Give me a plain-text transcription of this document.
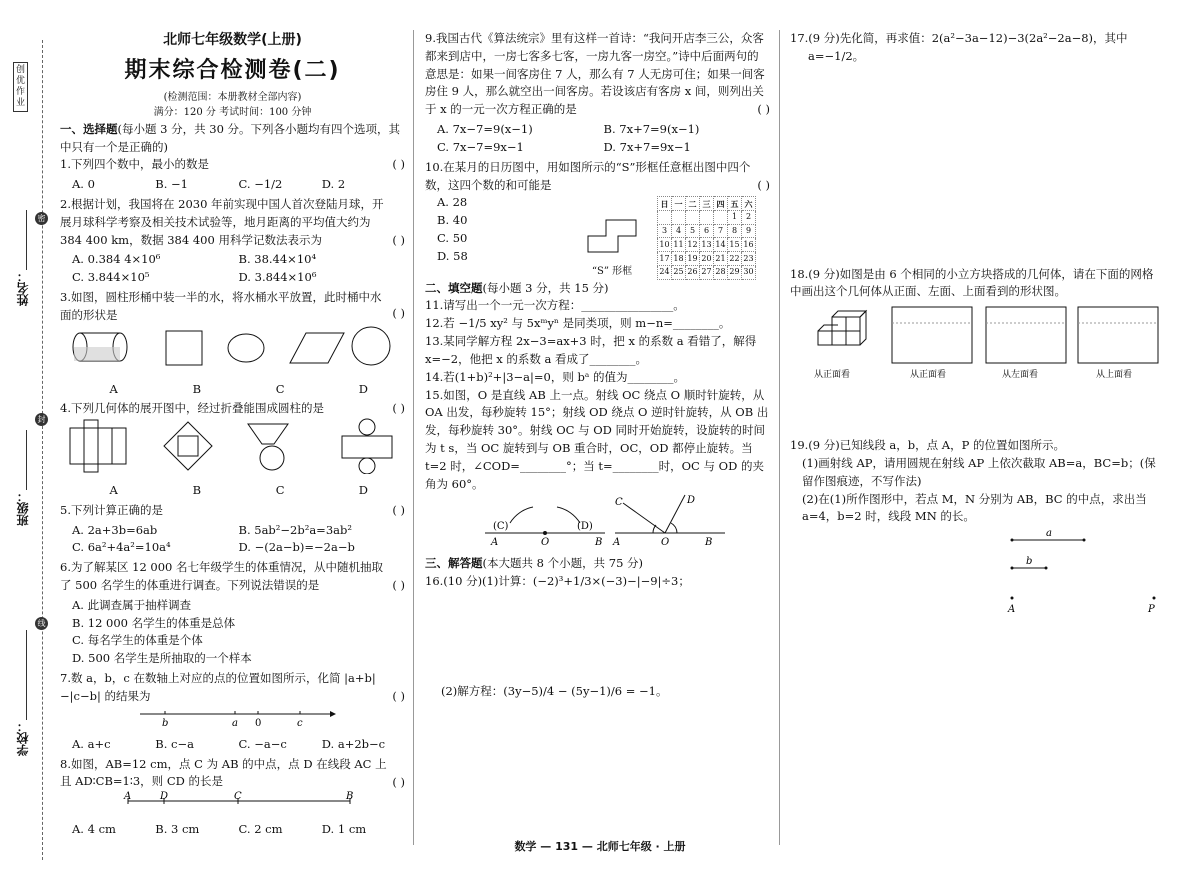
创优作业
姓名：
班级：
学校：
密
封
线
北师七年级数学(上册)
期末综合检测卷(二)
(检测范围：本册教材全部内容)
满分：120 分 考试时间：100 分钟
一、选择题(每小题 3 分，共 30 分。下列各小题均有四个选项，其中只有一个是正确的)
( )
1.下列四个数中，最小的数是
A. 0	B. −1	C. −1/2	D. 2
( )
2.根据计划，我国将在 2030 年前实现中国人首次登陆月球，开展月球科学考察及相关技术试验等，地月距离的平均值大约为 384 400 km，数据 384 400 用科学记数法表示为
A. 0.384 4×10⁶	B. 38.44×10⁴
C. 3.844×10⁵	D. 3.844×10⁶
( )
3.如图，圆柱形桶中装一半的水，将水桶水平放置，此时桶中水面的形状是
A	B	C	D
( )
4.下列几何体的展开图中，经过折叠能围成圆柱的是
A	B	C	D
( )
5.下列计算正确的是
A. 2a+3b=6ab	B. 5ab²−2b²a=3ab²
C. 6a²+4a²=10a⁴	D. −(2a−b)=−2a−b
( )
6.为了解某区 12 000 名七年级学生的体重情况，从中随机抽取了 500 名学生的体重进行调查。下列说法错误的是
A. 此调查属于抽样调查
B. 12 000 名学生的体重是总体
C. 每名学生的体重是个体
D. 500 名学生是所抽取的一个样本
( )
7.数 a，b，c 在数轴上对应的点的位置如图所示，化简 |a+b|−|c−b| 的结果为
b	a 0	c
A. a+c	B. c−a	C. −a−c	D. a+2b−c
( )
8.如图，AB=12 cm，点 C 为 AB 的中点，点 D 在线段 AC 上且 AD∶CB=1∶3，则 CD 的长是
A	D	C	B
A. 4 cm	B. 3 cm	C. 2 cm	D. 1 cm
9.我国古代《算法统宗》里有这样一首诗：“我问开店李三公，众客都来到店中，一房七客多七客，一房九客一房空。”诗中后面两句的意思是：如果一间客房住 7 人，那么有 7 人无房可住；如果一间客房住 9 人，那么就空出一间客房。若设该店有客房 x 间，则列出关于 x 的一元一次方程正确的是	( )
A. 7x−7=9(x−1)	B. 7x+7=9(x−1)
C. 7x−7=9x−1	D. 7x+7=9x−1
( )
10.在某月的日历图中，用如图所示的“S”形框任意框出图中四个数，这四个数的和可能是
A. 28
B. 40
C. 50
D. 58
“S” 形框
日	一	二	三	四	五	六
					1	2
3	4	5	6	7	8	9
10	11	12	13	14	15	16
17	18	19	20	21	22	23
24	25	26	27	28	29	30
二、填空题(每小题 3 分，共 15 分)
11.请写出一个一元一次方程：________________。
12.若 −1/5 xy² 与 5xᵐyⁿ 是同类项，则 m−n=________。
13.某同学解方程 2x−3=ax+3 时，把 x 的系数 a 看错了，解得 x=−2，他把 x 的系数 a 看成了________。
14.若(1+b)²+|3−a|=0，则 bᵃ 的值为________。
15.如图，O 是直线 AB 上一点。射线 OC 绕点 O 顺时针旋转，从 OA 出发，每秒旋转 15°；射线 OD 绕点 O 逆时针旋转，从 OB 出发，每秒旋转 30°。射线 OC 与 OD 同时开始旋转，设旋转的时间为 t s，当 OC 旋转到与 OB 重合时，OC，OD 都停止旋转。当 t=2 时，∠COD=________°；当 t=________时，OC 与 OD 的夹角为 60°。
(C)	(D)
A	O	B
C	D
A	O	B
三、解答题(本大题共 8 个小题，共 75 分)
16.(10 分)(1)计算：(−2)³+1/3×(−3)−|−9|÷3；
(2)解方程：(3y−5)/4 − (5y−1)/6 = −1。
17.(9 分)先化简，再求值：2(a²−3a−12)−3(2a²−2a−8)，其中
a=−1/2。
18.(9 分)如图是由 6 个相同的小立方块搭成的几何体，请在下面的网格中画出这个几何体从正面、左面、上面看到的形状图。
从正面看	从正面看	从左面看	从上面看
19.(9 分)已知线段 a，b，点 A，P 的位置如图所示。
(1)画射线 AP，请用圆规在射线 AP 上依次截取 AB=a，BC=b；(保留作图痕迹，不写作法)
(2)在(1)所作图形中，若点 M，N 分别为 AB，BC 的中点，求出当 a=4，b=2 时，线段 MN 的长。
a
b
A	P
数学 — 131 — 北师七年级 · 上册
